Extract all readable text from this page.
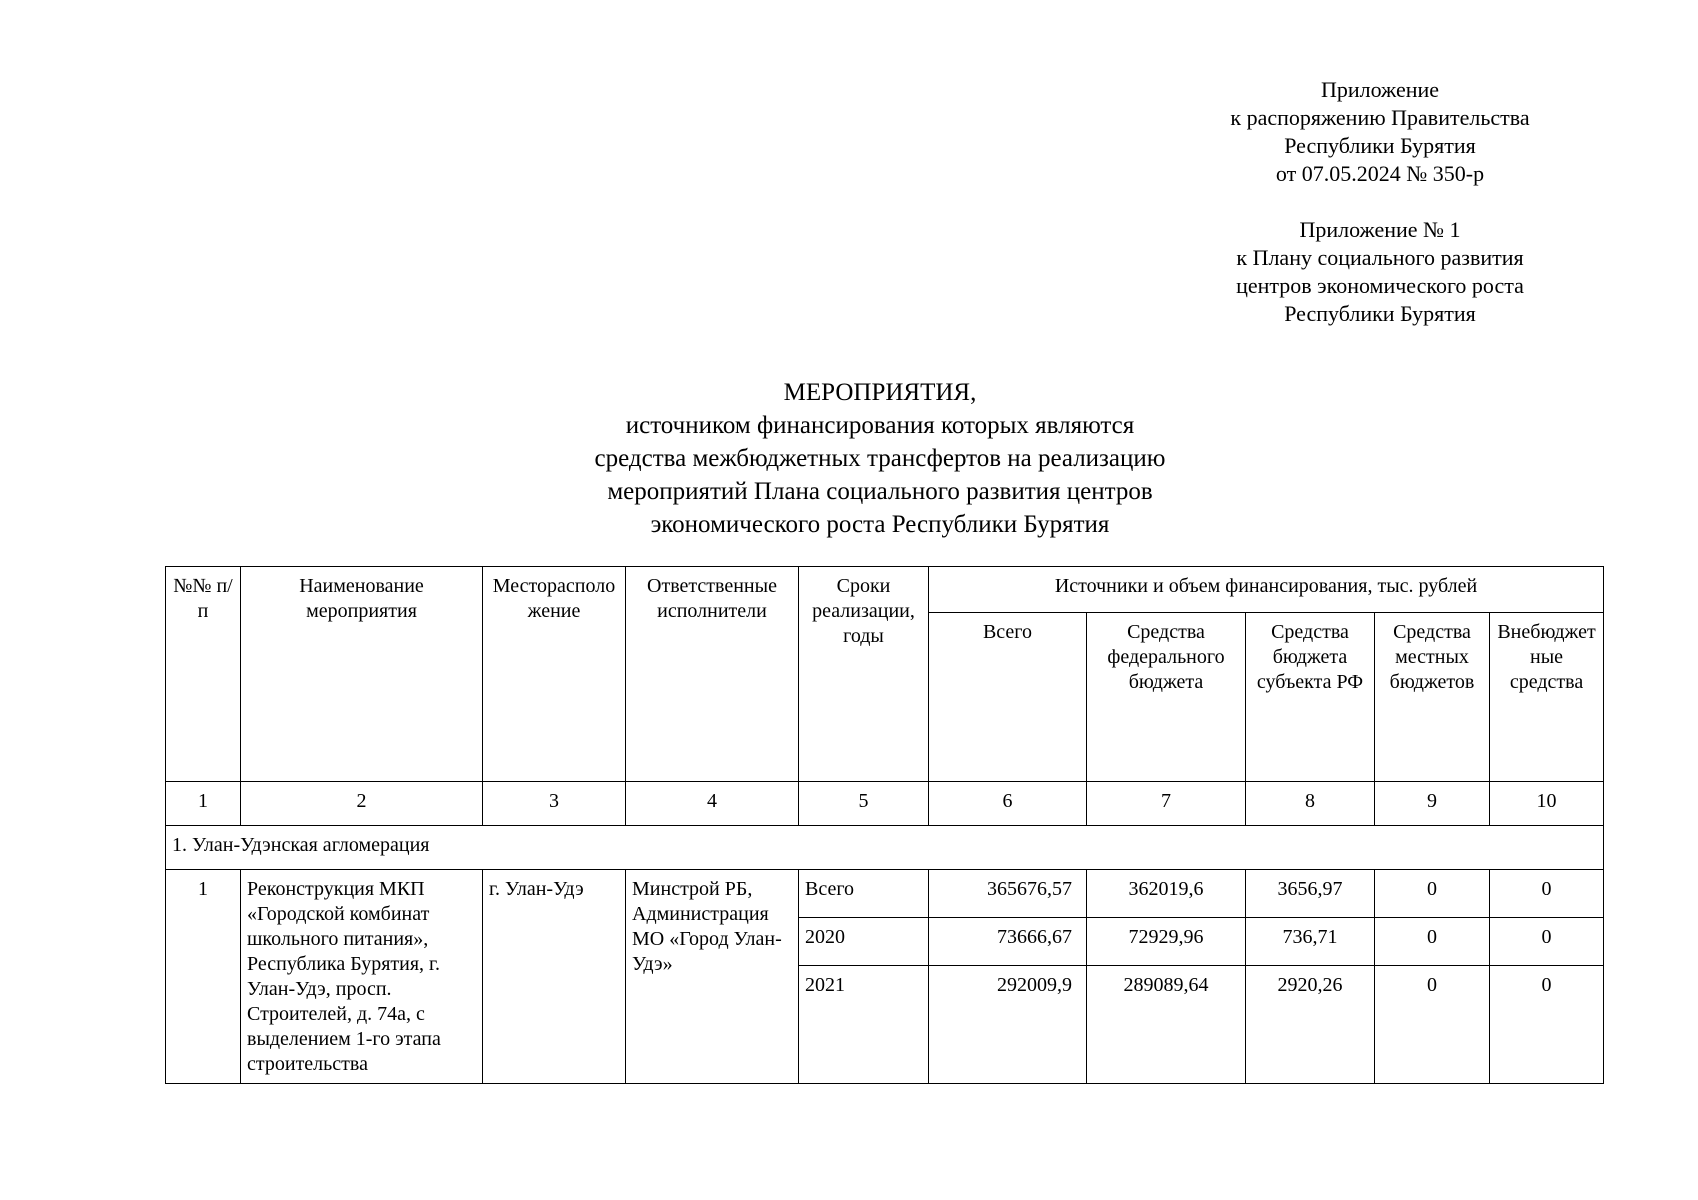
Приложение
к распоряжению Правительства
Республики Бурятия
от 07.05.2024 № 350-р
Приложение № 1
к Плану социального развития
центров экономического роста
Республики Бурятия
МЕРОПРИЯТИЯ,
источником финансирования которых являются
средства межбюджетных трансфертов на реализацию
мероприятий Плана социального развития центров
экономического роста Республики Бурятия
№№ п/п	Наименование мероприятия	Месторасположение	Ответственные исполнители	Сроки реализации, годы	Источники и объем финансирования, тыс. рублей				
					Всего	Средства федерального бюджета	Средства бюджета субъекта РФ	Средства местных бюджетов	Внебюджетные средства
1	2	3	4	5	6	7	8	9	10
1. Улан-Удэнская агломерация									
1	Реконструкция МКП «Городской комбинат школьного питания», Республика Бурятия, г. Улан-Удэ, просп. Строителей, д. 74а, с выделением 1-го этапа строительства	г. Улан-Удэ	Минстрой РБ, Администрация МО «Город Улан-Удэ»	Всего	365676,57	362019,6	3656,97	0	0
				2020	73666,67	72929,96	736,71	0	0
				2021	292009,9	289089,64	2920,26	0	0
